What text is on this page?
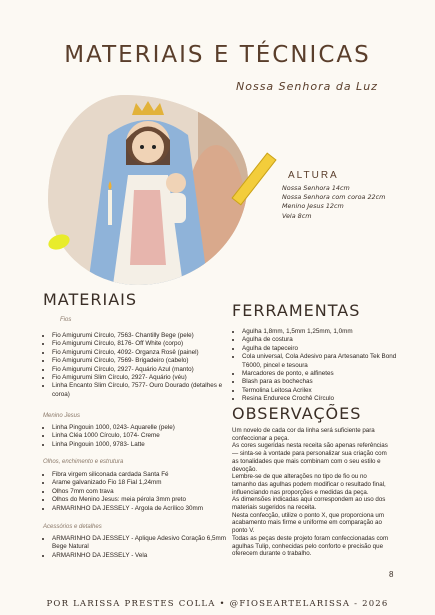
MATERIAIS E TÉCNICAS
Nossa Senhora da Luz
ALTURA
Nossa Senhora 14cm
Nossa Senhora com coroa 22cm
Menino Jesus 12cm
Vela 8cm
MATERIAIS
Fios
• Fio Amigurumi Círculo, 7563- Chantilly Bege (pele)
• Fio Amigurumi Círculo, 8176- Off White (corpo)
• Fio Amigurumi Círculo, 4092- Organza Rosê (painel)
• Fio Amigurumi Círculo, 7569- Brigadeiro (cabelo)
• Fio Amigurumi Círculo, 2927- Aquário Azul (manto)
• Fio Amigurumi Slim Círculo, 2927- Aquário (véu)
• Linha Encanto Slim Círculo, 7577- Ouro Dourado (detalhes e coroa)
Menino Jesus
• Linha Pingouin 1000, 0243- Aquarelle (pele)
• Linha Cléa 1000 Círculo, 1074- Creme
• Linha Pingouin 1000, 9783- Latte
Olhos, enchimento e estrutura
• Fibra virgem siliconada cardada Santa Fé
• Arame galvanizado Fio 18 Fial 1,24mm
• Olhos 7mm com trava
• Olhos do Menino Jesus: meia pérola 3mm preto
• ARMARINHO DA JESSELY - Argola de Acrílico 30mm
Acessórios e detalhes
• ARMARINHO DA JESSELY - Aplique Adesivo Coração 6,5mm Bege Natural
• ARMARINHO DA JESSELY - Vela
FERRAMENTAS
• Agulha 1,8mm, 1,5mm 1,25mm, 1,0mm
• Agulha de costura
• Agulha de tapeceiro
• Cola universal, Cola Adesivo para Artesanato Tek Bond T6000, pincel e tesoura
• Marcadores de ponto, e alfinetes
• Blash para as bochechas
• Termolina Leitosa Acrilex
• Resina Endurece Crochê Círculo
OBSERVAÇÕES

Um novelo de cada cor da linha será suficiente para confeccionar a peça.

As cores sugeridas nesta receita são apenas referências — sinta-se à vontade para personalizar sua criação com as tonalidades que mais combinam com o seu estilo e devoção.

Lembre-se de que alterações no tipo de fio ou no tamanho das agulhas podem modificar o resultado final, influenciando nas proporções e medidas da peça.

As dimensões indicadas aqui correspondem ao uso dos materiais sugeridos na receita.

Nesta confecção, utilize o ponto X, que proporciona um acabamento mais firme e uniforme em comparação ao ponto V.

Todas as peças deste projeto foram confeccionadas com agulhas Tulip, conhecidas pelo conforto e precisão que oferecem durante o trabalho.

8
POR LARISSA PRESTES COLLA • @FIOSEARTELARISSA - 2026
